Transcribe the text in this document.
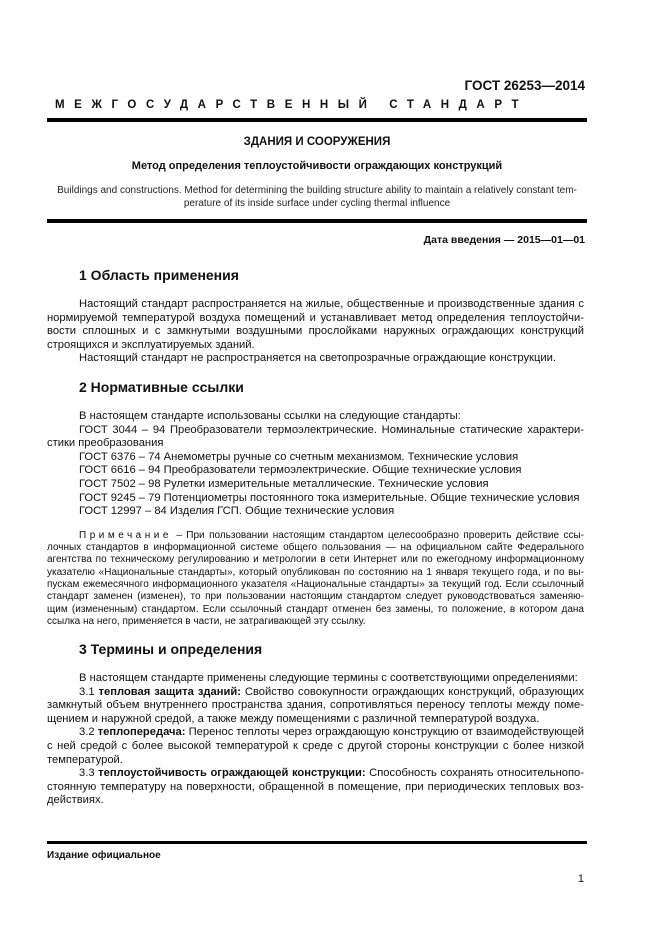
ГОСТ 26253—2014
МЕЖГОСУДАРСТВЕННЫЙ СТАНДАРТ
ЗДАНИЯ И СООРУЖЕНИЯ
Метод определения теплоустойчивости ограждающих конструкций
Buildings and constructions. Method for determining the building structure ability to maintain a relatively constant tem-perature of its inside surface under cycling thermal influence
Дата введения — 2015—01—01
1 Область применения

Настоящий стандарт распространяется на жилые, общественные и производственные здания с нормируемой температурой воздуха помещений и устанавливает метод определения теплоустойчи-вости сплошных и с замкнутыми воздушными прослойками наружных ограждающих конструкций строящихся и эксплуатируемых зданий.

Настоящий стандарт не распространяется на светопрозрачные ограждающие конструкции.

2 Нормативные ссылки

В настоящем стандарте использованы ссылки на следующие стандарты:

ГОСТ 3044 – 94 Преобразователи термоэлектрические. Номинальные статические характери-стики преобразования

ГОСТ 6376 – 74 Анемометры ручные со счетным механизмом. Технические условия

ГОСТ 6616 – 94 Преобразователи термоэлектрические. Общие технические условия

ГОСТ 7502 – 98 Рулетки измерительные металлические. Технические условия

ГОСТ 9245 – 79 Потенциометры постоянного тока измерительные. Общие технические условия

ГОСТ 12997 – 84 Изделия ГСП. Общие технические условия

Примечание – При пользовании настоящим стандартом целесообразно проверить действие ссы-лочных стандартов в информационной системе общего пользования — на официальном сайте Федерального агентства по техническому регулированию и метрологии в сети Интернет или по ежегодному информационному указателю «Национальные стандарты», который опубликован по состоянию на 1 января текущего года, и по вы-пускам ежемесячного информационного указателя «Национальные стандарты» за текущий год. Если ссылочный стандарт заменен (изменен), то при пользовании настоящим стандартом следует руководствоваться заменяю-щим (измененным) стандартом. Если ссылочный стандарт отменен без замены, то положение, в котором дана ссылка на него, применяется в части, не затрагивающей эту ссылку.

3 Термины и определения

В настоящем стандарте применены следующие термины с соответствующими определениями:

3.1 тепловая защита зданий: Свойство совокупности ограждающих конструкций, образующих замкнутый объем внутреннего пространства здания, сопротивляться переносу теплоты между поме-щением и наружной средой, а также между помещениями с различной температурой воздуха.

3.2 теплопередача: Перенос теплоты через ограждающую конструкцию от взаимодействующей с ней средой с более высокой температурой к среде с другой стороны конструкции с более низкой температурой.

3.3 теплоустойчивость ограждающей конструкции: Способность сохранять относительнопо-стоянную температуру на поверхности, обращенной в помещение, при периодических тепловых воз-действиях.

Издание официальное
1
